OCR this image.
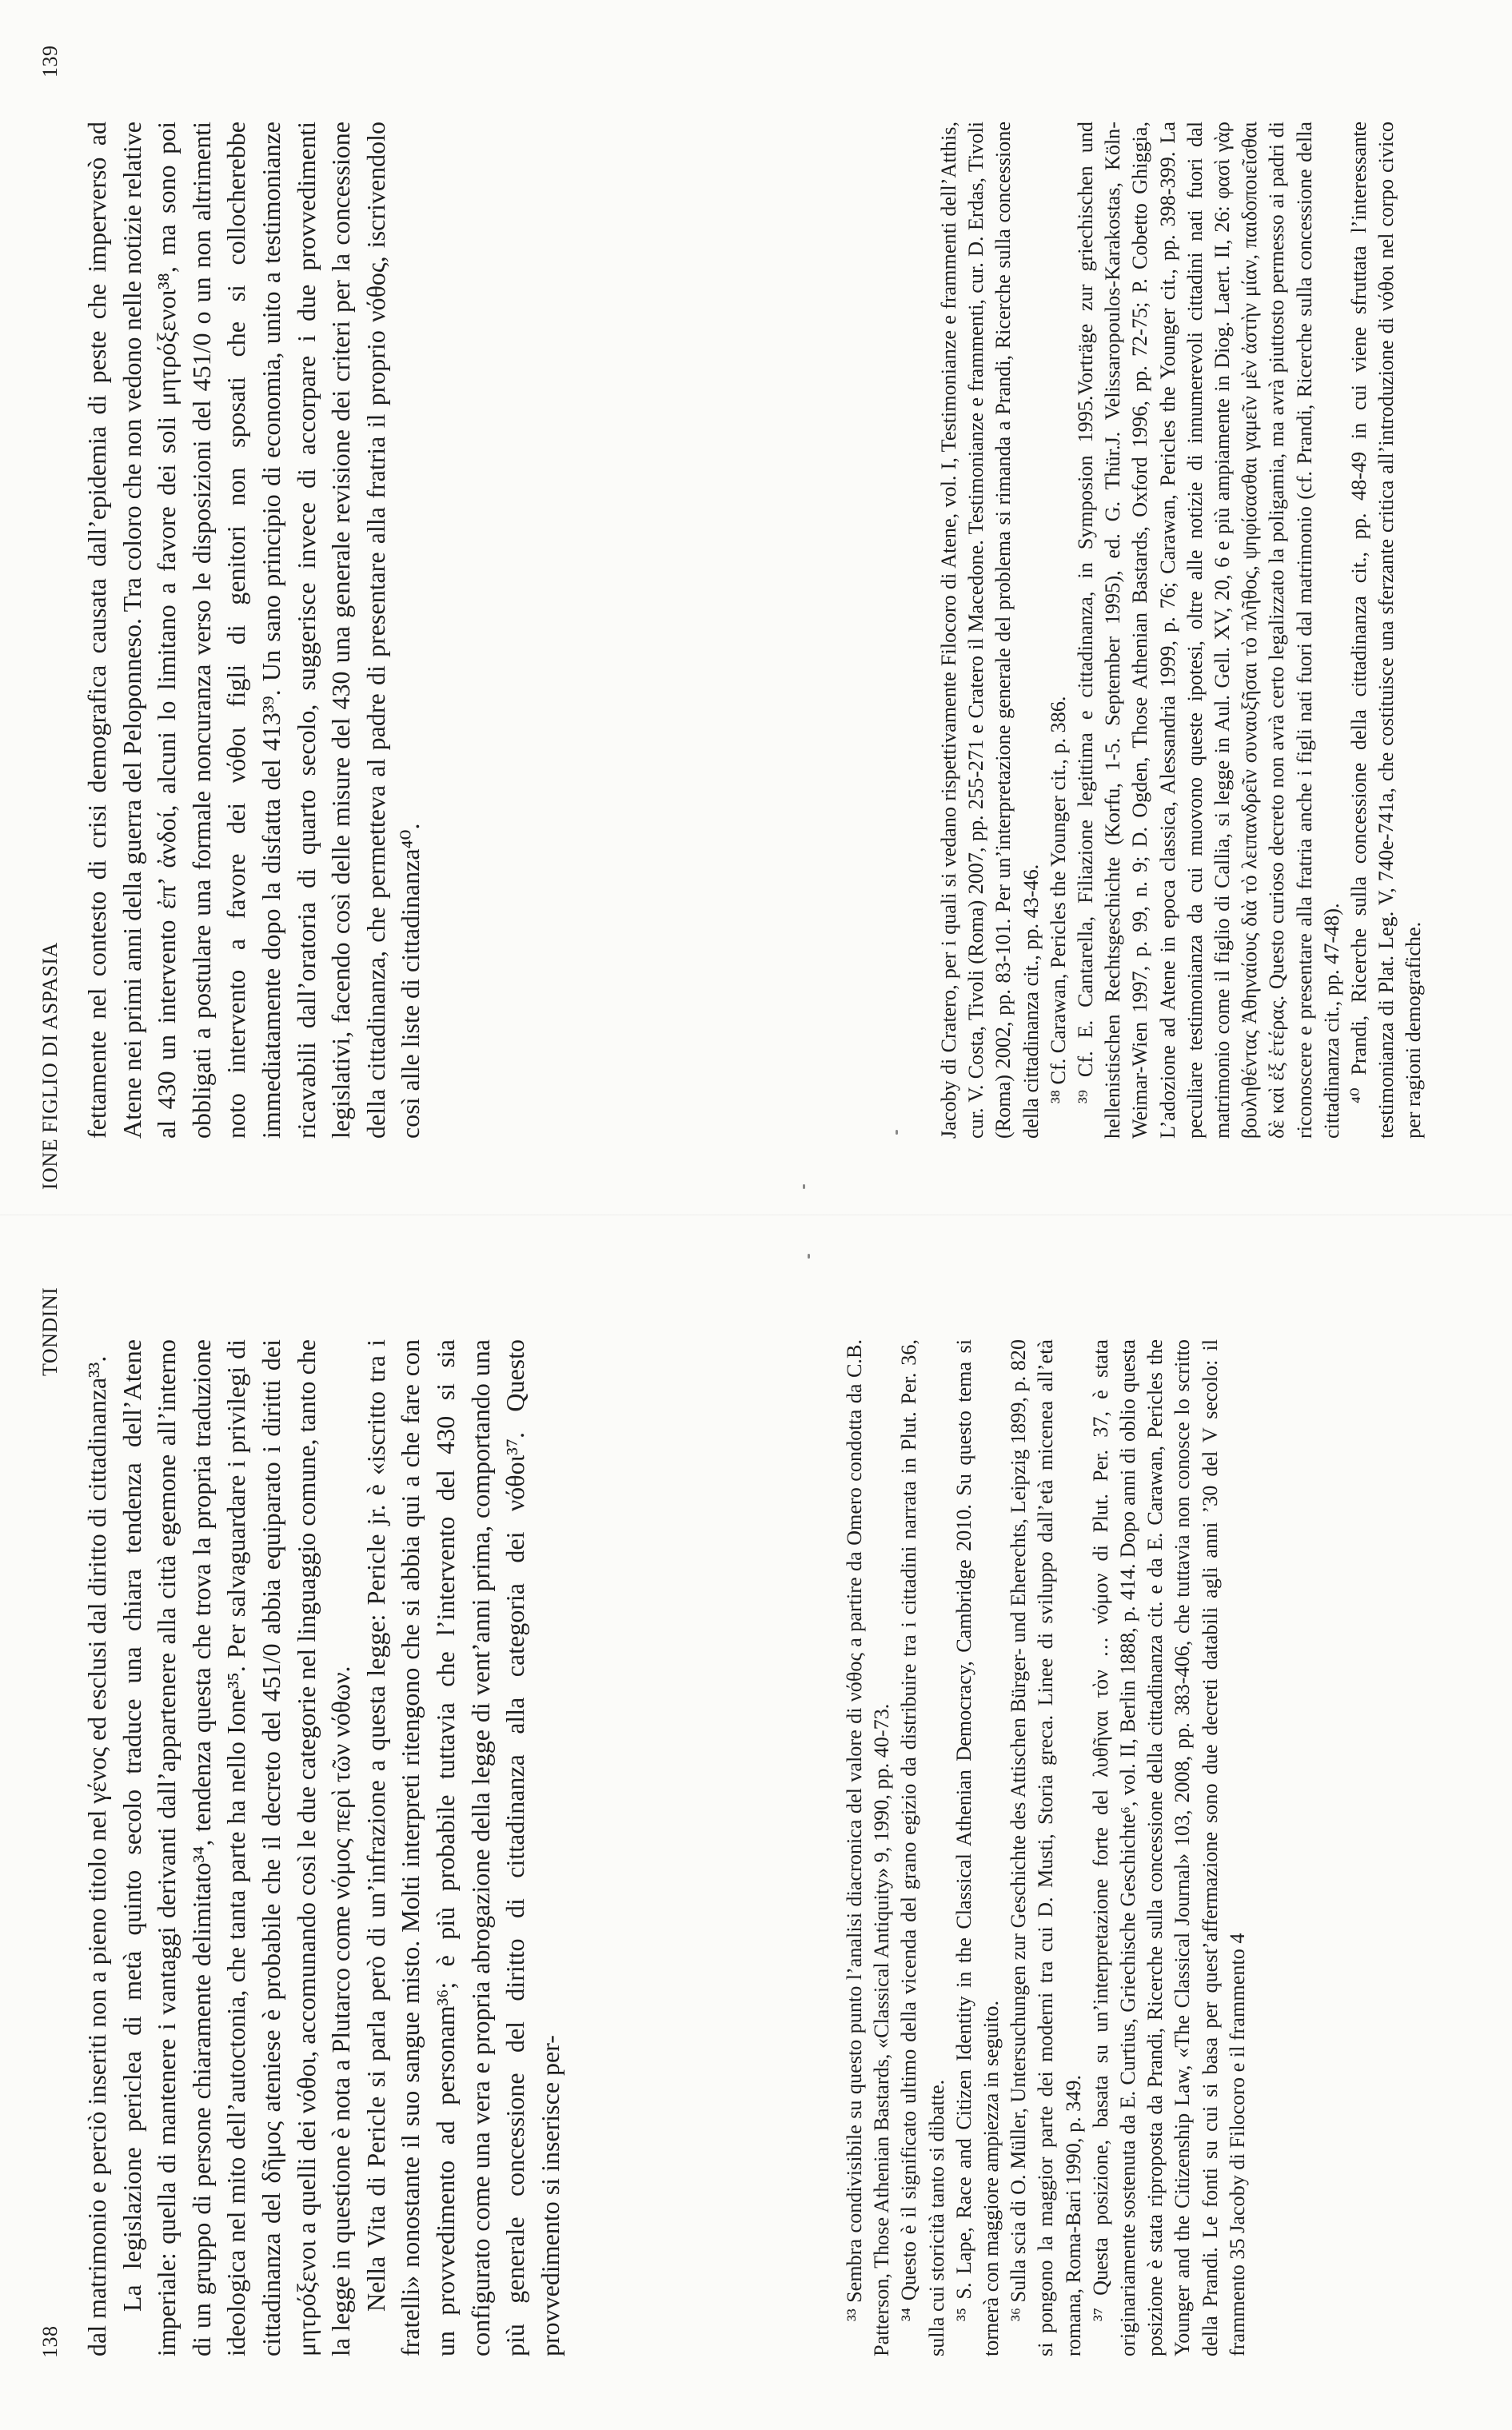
138
TONDINI

dal matrimonio e perciò inseriti non a pieno titolo nel γένος ed esclusi dal diritto di cittadinanza³³. La legislazione periclea di metà quinto secolo traduce una chiara tendenza dell’Atene imperiale: quella di mantenere i vantaggi derivanti dall’appartenere alla città egemone all’interno di un gruppo di persone chiaramente delimitato³⁴, tendenza questa che trova la propria traduzione ideologica nel mito dell’autoctonia, che tanta parte ha nello Ione³⁵. Per salvaguardare i privilegi di cittadinanza del δῆμος ateniese è probabile che il decreto del 451/0 abbia equiparato i diritti dei μητρόξενοι a quelli dei νόθοι, accomunando così le due categorie nel linguaggio comune, tanto che la legge in questione è nota a Plutarco come νόμος περὶ τῶν νόθων. Nella Vita di Pericle si parla però di un’infrazione a questa legge: Pericle jr. è «iscritto tra i fratelli» nonostante il suo sangue misto. Molti interpreti ritengono che si abbia qui a che fare con un provvedimento ad personam³⁶; è più probabile tuttavia che l’intervento del 430 si sia configurato come una vera e propria abrogazione della legge di vent’anni prima, comportando una più generale concessione del diritto di cittadinanza alla categoria dei νόθοι³⁷. Questo provvedimento si inserisce per-	³³ Sembra condivisibile su questo punto l’analisi diacronica del valore di νόθος a partire da Omero condotta da C.B. Patterson, Those Athenian Bastards, «Classical Antiquity» 9, 1990, pp. 40-73. ³⁴ Questo è il significato ultimo della vicenda del grano egizio da distribuire tra i cittadini narrata in Plut. Per. 36, sulla cui storicità tanto si dibatte. ³⁵ S. Lape, Race and Citizen Identity in the Classical Athenian Democracy, Cambridge 2010. Su questo tema si tornerà con maggiore ampiezza in seguito. ³⁶ Sulla scia di O. Müller, Untersuchungen zur Geschichte des Attischen Bürger- und Eherechts, Leipzig 1899, p. 820 si pongono la maggior parte dei moderni tra cui D. Musti, Storia greca. Linee di sviluppo dall’età micenea all’età romana, Roma-Bari 1990, p. 349. ³⁷ Questa posizione, basata su un’interpretazione forte del λυθῆναι τὸν … νόμον di Plut. Per. 37, è stata originariamente sostenuta da E. Curtius, Griechische Geschichte⁶, vol. II, Berlin 1888, p. 414. Dopo anni di oblio questa posizione è stata riproposta da Prandi, Ricerche sulla concessione della cittadinanza cit. e da E. Carawan, Pericles the Younger and the Citizenship Law, «The Classical Journal» 103, 2008, pp. 383-406, che tuttavia non conosce lo scritto della Prandi. Le fonti su cui si basa per quest’affermazione sono due decreti databili agli anni ’30 del V secolo: il frammento 35 Jacoby di Filocoro e il frammento 4

IONE FIGLIO DI ASPASIA
139

fettamente nel contesto di crisi demografica causata dall’epidemia di peste che imperversò ad Atene nei primi anni della guerra del Peloponneso. Tra coloro che non vedono nelle notizie relative al 430 un intervento ἐπ’ ἀνδοί, alcuni lo limitano a favore dei soli μητρόξενοι³⁸, ma sono poi obbligati a postulare una formale noncuranza verso le disposizioni del 451/0 o un non altrimenti noto intervento a favore dei νόθοι figli di genitori non sposati che si collocherebbe immediatamente dopo la disfatta del 413³⁹. Un sano principio di economia, unito a testimonianze ricavabili dall’oratoria di quarto secolo, suggerisce invece di accorpare i due provvedimenti legislativi, facendo così delle misure del 430 una generale revisione dei criteri per la concessione della cittadinanza, che permetteva al padre di presentare alla fratria il proprio νόθος, iscrivendolo così alle liste di cittadinanza⁴⁰.	Jacoby di Cratero, per i quali si vedano rispettivamente Filocoro di Atene, vol. I, Testimonianze e frammenti dell’Atthis, cur. V. Costa, Tivoli (Roma) 2007, pp. 255-271 e Cratero il Macedone. Testimonianze e frammenti, cur. D. Erdas, Tivoli (Roma) 2002, pp. 83-101. Per un’interpretazione generale del problema si rimanda a Prandi, Ricerche sulla concessione della cittadinanza cit., pp. 43-46. ³⁸ Cf. Carawan, Pericles the Younger cit., p. 386. ³⁹ Cf. E. Cantarella, Filiazione legittima e cittadinanza, in Symposion 1995.Vorträge zur griechischen und hellenistischen Rechtsgeschichte (Korfu, 1-5. September 1995), ed. G. Thür.J. Velissaropoulos-Karakostas, Köln-Weimar-Wien 1997, p. 99, n. 9; D. Ogden, Those Athenian Bastards, Oxford 1996, pp. 72-75; P. Cobetto Ghiggia, L’adozione ad Atene in epoca classica, Alessandria 1999, p. 76; Carawan, Pericles the Younger cit., pp. 398-399. La peculiare testimonianza da cui muovono queste ipotesi, oltre alle notizie di innumerevoli cittadini nati fuori dal matrimonio come il figlio di Callia, si legge in Aul. Gell. XV, 20, 6 e più ampiamente in Diog. Laert. II, 26: φασὶ γὰρ βουληθέντας Ἀθηναίους διὰ τὸ λειπανδρεῖν συναυξῆσαι τὸ πλῆθος, ψηφίσασθαι γαμεῖν μὲν ἀστὴν μίαν, παιδοποιεῖσθαι δὲ καὶ ἐξ ἑτέρας. Questo curioso decreto non avrà certo legalizzato la poligamia, ma avrà piuttosto permesso ai padri di riconoscere e presentare alla fratria anche i figli nati fuori dal matrimonio (cf. Prandi, Ricerche sulla concessione della cittadinanza cit., pp. 47-48). ⁴⁰ Prandi, Ricerche sulla concessione della cittadinanza cit., pp. 48-49 in cui viene sfruttata l’interessante testimonianza di Plat. Leg. V, 740e-741a, che costituisce una sferzante critica all’introduzione di νόθοι nel corpo civico per ragioni demografiche.
